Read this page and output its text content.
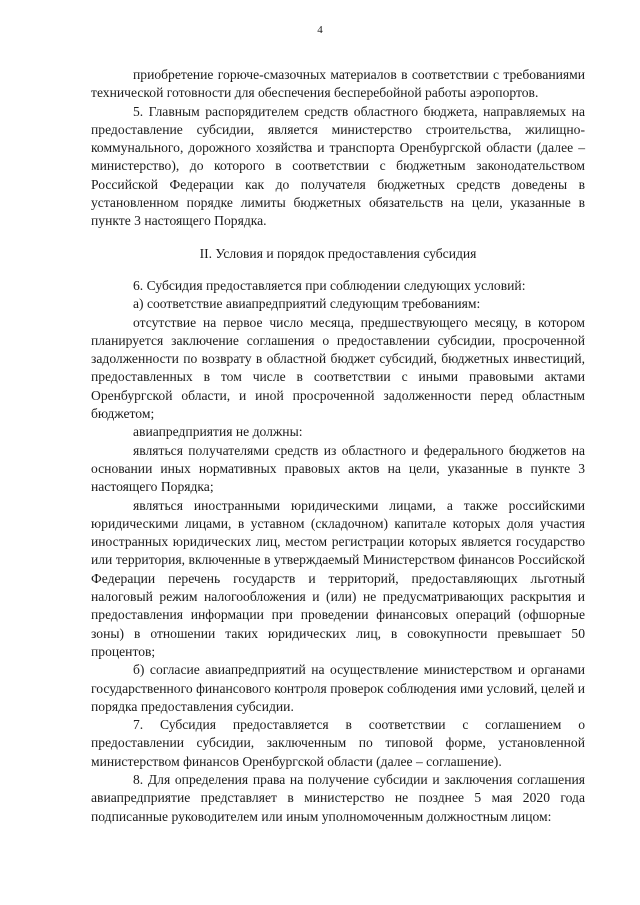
4

приобретение горюче-смазочных материалов в соответствии с требованиями технической готовности для обеспечения бесперебойной работы аэропортов.

5. Главным распорядителем средств областного бюджета, направляемых на предоставление субсидии, является министерство строительства, жилищно-коммунального, дорожного хозяйства и транспорта Оренбургской области (далее – министерство), до которого в соответствии с бюджетным законодательством Российской Федерации как до получателя бюджетных средств доведены в установленном порядке лимиты бюджетных обязательств на цели, указанные в пункте 3 настоящего Порядка.

II. Условия и порядок предоставления субсидия

6. Субсидия предоставляется при соблюдении следующих условий:

а) соответствие авиапредприятий следующим требованиям:

отсутствие на первое число месяца, предшествующего месяцу, в котором планируется заключение соглашения о предоставлении субсидии, просроченной задолженности по возврату в областной бюджет субсидий, бюджетных инвестиций, предоставленных в том числе в соответствии с иными правовыми актами Оренбургской области, и иной просроченной задолженности перед областным бюджетом;

авиапредприятия не должны:

являться получателями средств из областного и федерального бюджетов на основании иных нормативных правовых актов на цели, указанные в пункте 3 настоящего Порядка;

являться иностранными юридическими лицами, а также российскими юридическими лицами, в уставном (складочном) капитале которых доля участия иностранных юридических лиц, местом регистрации которых является государство или территория, включенные в утверждаемый Министерством финансов Российской Федерации перечень государств и территорий, предоставляющих льготный налоговый режим налогообложения и (или) не предусматривающих раскрытия и предоставления информации при проведении финансовых операций (офшорные зоны) в отношении таких юридических лиц, в совокупности превышает 50 процентов;

б) согласие авиапредприятий на осуществление министерством и органами государственного финансового контроля проверок соблюдения ими условий, целей и порядка предоставления субсидии.

7. Субсидия предоставляется в соответствии с соглашением о предоставлении субсидии, заключенным по типовой форме, установленной министерством финансов Оренбургской области (далее – соглашение).

8. Для определения права на получение субсидии и заключения соглашения авиапредприятие представляет в министерство не позднее 5 мая 2020 года подписанные руководителем или иным уполномоченным должностным лицом:
